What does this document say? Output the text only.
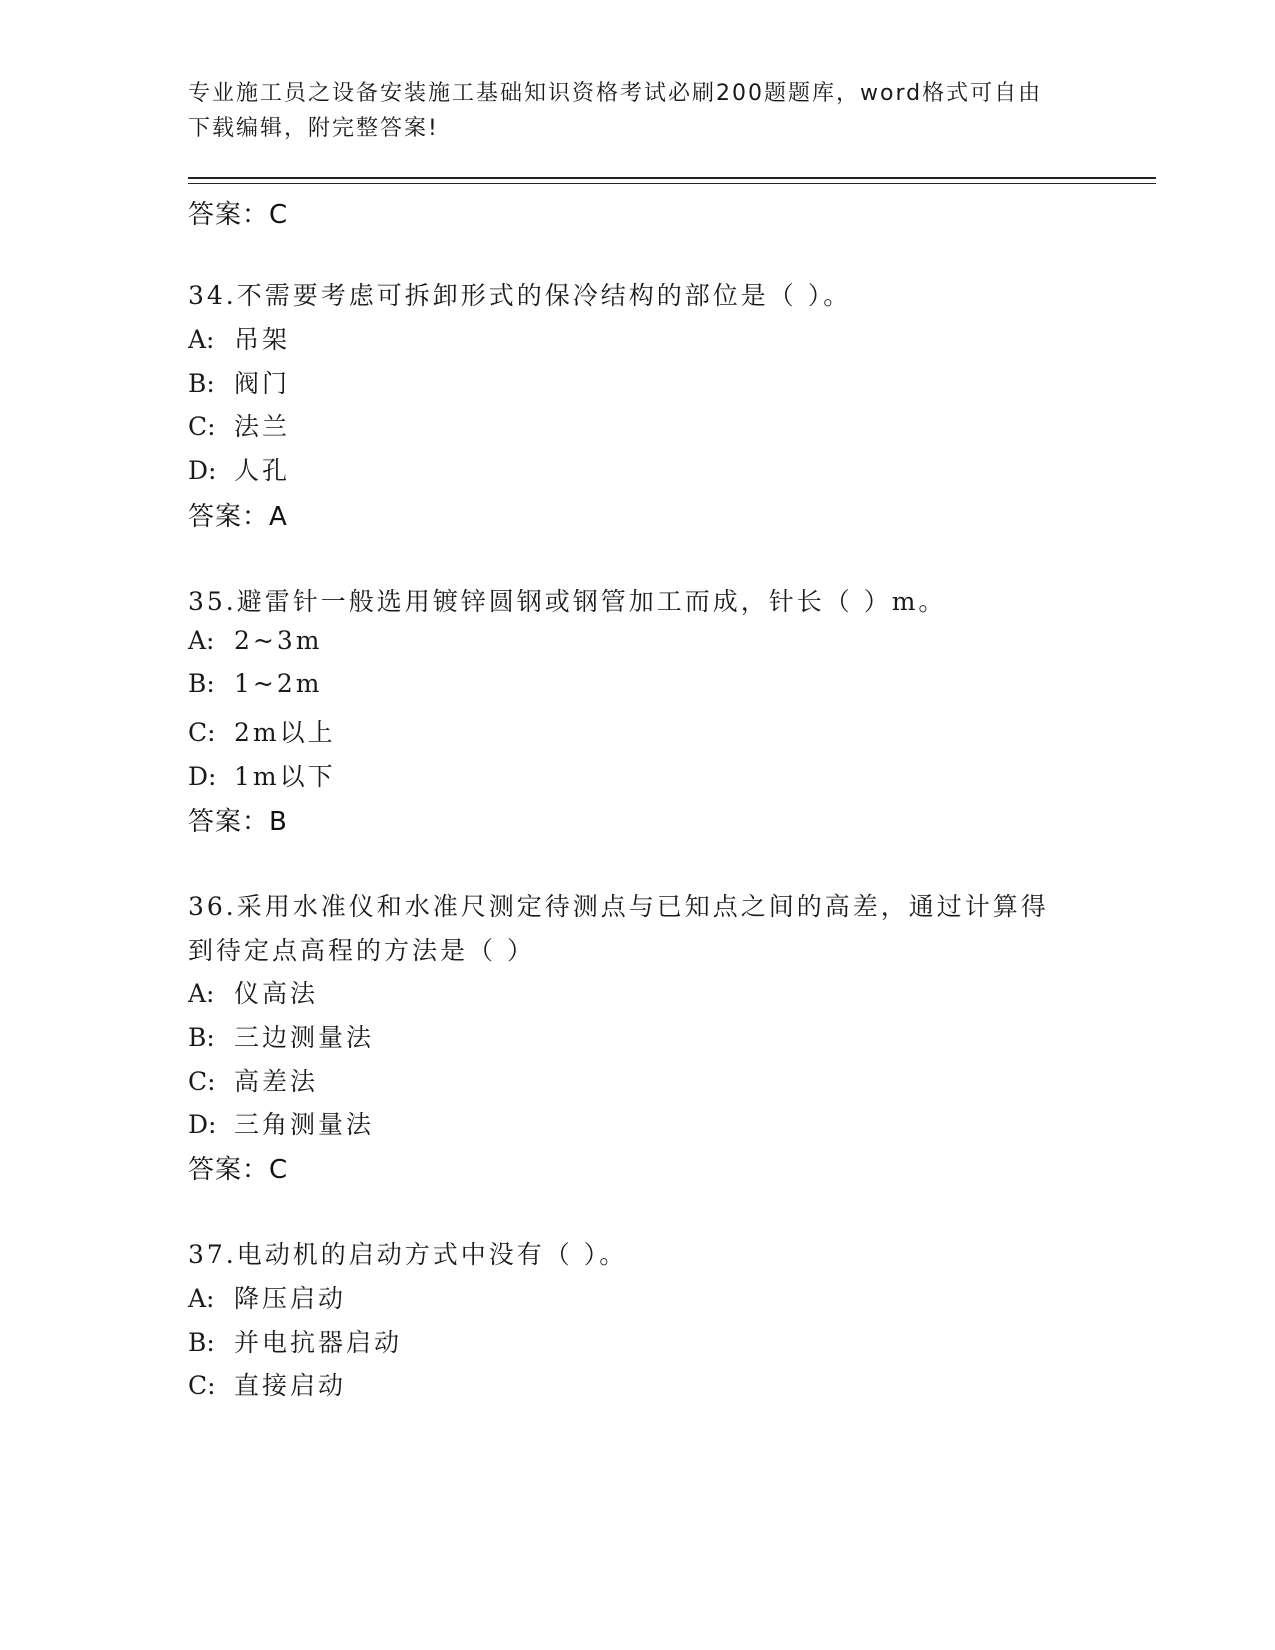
专业施工员之设备安装施工基础知识资格考试必刷200题题库，word格式可自由
下载编辑，附完整答案!
答案：C
34.不需要考虑可拆卸形式的保冷结构的部位是（ ）。
A: 吊架
B: 阀门
C: 法兰
D: 人孔
答案：A
35.避雷针一般选用镀锌圆钢或钢管加工而成，针长（ ）m。
A: 2~3m
B: 1~2m
C: 2m以上
D: 1m以下
答案：B
36.采用水准仪和水准尺测定待测点与已知点之间的高差，通过计算得
到待定点高程的方法是（ ）
A: 仪高法
B: 三边测量法
C: 高差法
D: 三角测量法
答案：C
37.电动机的启动方式中没有（ ）。
A: 降压启动
B: 并电抗器启动
C: 直接启动
